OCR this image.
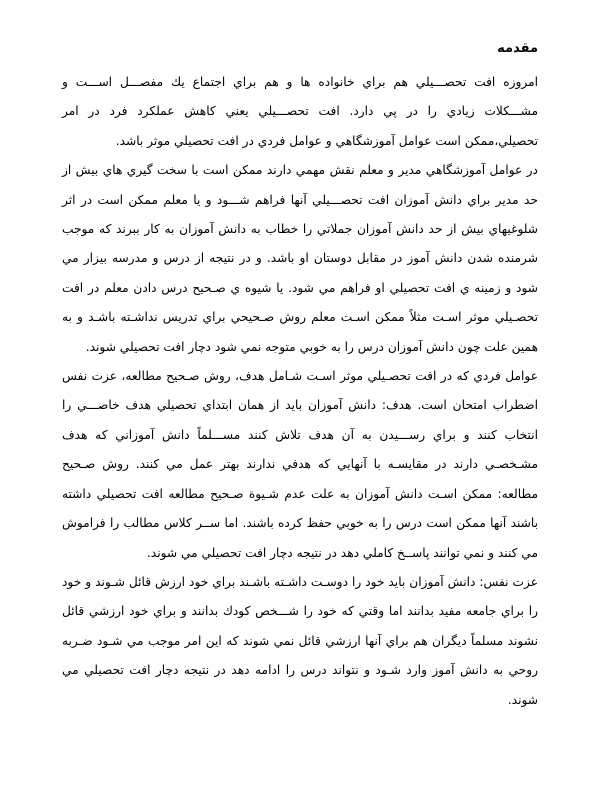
مقدمه

امروزه افت تحصـــيلي هم براي خانواده ها و هم براي اجتماع يك مفصـــل اســـت و مشـــكلات زيادي را در پي دارد. افت تحصـــيلي يعني كاهش عملكرد فرد در امر تحصيلي،ممكن است عوامل آموزشگاهي و عوامل فردي در افت تحصيلي موثر باشد.

در عوامل آموزشگاهي مدير و معلم نقش مهمي دارند ممكن است با سخت گيري هاي بيش از حد مدير براي دانش آموزان افت تحصـــيلي آنها فراهم شـــود و يا معلم ممكن است در اثر شلوغيهاي بيش از حد دانش آموزان جملاتي را خطاب به دانش آموزان به كار ببرند كه موجب شرمنده شدن دانش آموز در مقابل دوستان او باشد. و در نتيجه از درس و مدرسه بيزار مي شود و زمينه ي افت تحصيلي او فراهم مي شود. يا شيوه ي صـحيح درس دادن معلم در افت تحصـيلي موثر اسـت مثلاً ممكن اسـت معلم روش صـحيحي براي تدريس نداشـته باشـد و به همين علت چون دانش آموزان درس را به خوبي متوجه نمي شود دچار افت تحصيلي شوند.

عوامل فردي كه در افت تحصـيلي موثر اسـت شـامل هدف، روش صـحيح مطالعه، عزت نفس اضطراب امتحان است. هدف: دانش آموزان بايد از همان ابتداي تحصيلي هدف خاصـــي را انتخاب كنند و براي رســـيدن به آن هدف تلاش كنند مســـلماً دانش آموزاني كه هدف مشـخصـي دارند در مقايسـه با آنهايي كه هدفي ندارند بهتر عمل مي كنند. روش صـحيح مطالعه: ممكن اسـت دانش آموزان به علت عدم شـيوة صـحيح مطالعه افت تحصيلي داشته باشند آنها ممكن است درس را به خوبي حفظ كرده باشند. اما ســر كلاس مطالب را فراموش مي كنند و نمي توانند پاســخ كاملي دهد در نتيجه دچار افت تحصيلي مي شوند.

عزت نفس: دانش آموزان بايد خود را دوسـت داشـته باشـند براي خود ارزش قائل شـوند و خود را براي جامعه مفيد بدانند اما وقتي كه خود را شـــخص كودك بدانند و براي خود ارزشي قائل نشوند مسلماً ديگران هم براي آنها ارزشي قائل نمي شوند كه اين امر موجب مي شـود ضـربه روحي به دانش آموز وارد شـود و نتواند درس را ادامه دهد در نتيجه دچار افت تحصيلي مي شوند.
